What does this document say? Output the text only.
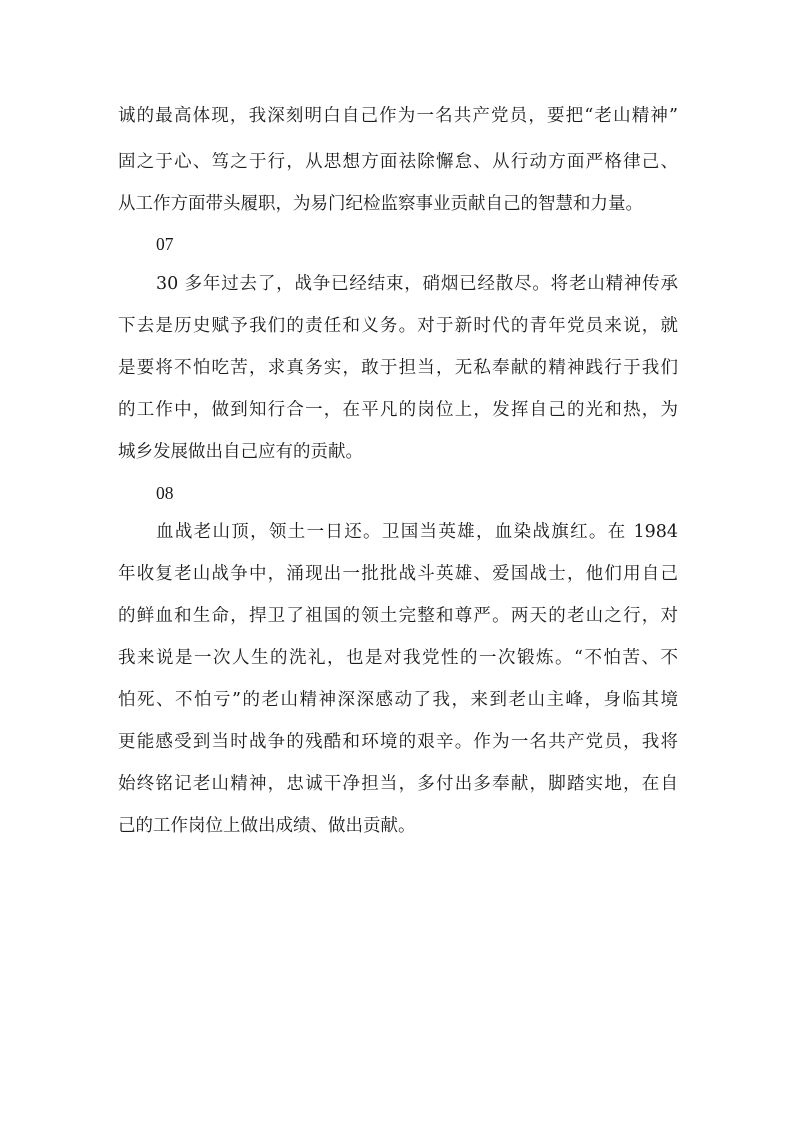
诚的最高体现，我深刻明白自己作为一名共产党员，要把“老山精神”
固之于心、笃之于行，从思想方面祛除懈怠、从行动方面严格律己、
从工作方面带头履职，为易门纪检监察事业贡献自己的智慧和力量。
07
30 多年过去了，战争已经结束，硝烟已经散尽。将老山精神传承
下去是历史赋予我们的责任和义务。对于新时代的青年党员来说，就
是要将不怕吃苦，求真务实，敢于担当，无私奉献的精神践行于我们
的工作中，做到知行合一，在平凡的岗位上，发挥自己的光和热，为
城乡发展做出自己应有的贡献。
08
血战老山顶，领土一日还。卫国当英雄，血染战旗红。在 1984
年收复老山战争中，涌现出一批批战斗英雄、爱国战士，他们用自己
的鲜血和生命，捍卫了祖国的领土完整和尊严。两天的老山之行，对
我来说是一次人生的洗礼，也是对我党性的一次锻炼。“不怕苦、不
怕死、不怕亏”的老山精神深深感动了我，来到老山主峰，身临其境
更能感受到当时战争的残酷和环境的艰辛。作为一名共产党员，我将
始终铭记老山精神，忠诚干净担当，多付出多奉献，脚踏实地，在自
己的工作岗位上做出成绩、做出贡献。
